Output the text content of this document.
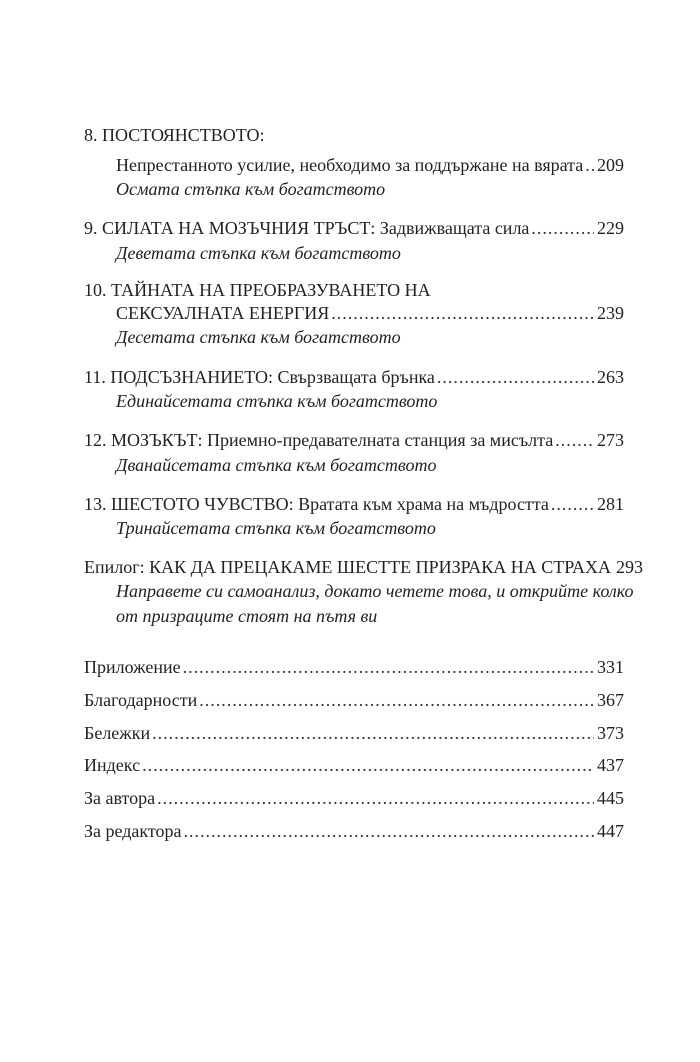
8. ПОСТОЯНСТВОТО:
Непрестанното усилие, необходимо за поддържане на вярата ..... 209
Осмата стъпка към богатството
9. СИЛАТА НА МОЗЪЧНИЯ ТРЪСТ: Задвижващата сила .....	229
Деветата стъпка към богатството
10. ТАЙНАТА НА ПРЕОБРАЗУВАНЕТО НА
СЕКСУАЛНАТА ЕНЕРГИЯ .....	239
Десетата стъпка към богатството
11. ПОДСЪЗНАНИЕТО: Свързващата брънка .....	263
Единайсетата стъпка към богатството
12. МОЗЪКЪТ: Приемно-предавателната станция за мисълта ..... 273
Дванайсетата стъпка към богатството
13. ШЕСТОТО ЧУВСТВО: Вратата към храма на мъдростта .....	281
Тринайсетата стъпка към богатството
Епилог: КАК ДА ПРЕЦАКАМЕ ШЕСТТЕ ПРИЗРАКА НА СТРАХА 293
Направете си самоанализ, докато четете това, и открийте колко
от призраците стоят на пътя ви
Приложение .....	331
Благодарности .....	367
Бележки .....	373
Индекс .....	437
За автора .....	445
За редактора .....	447
